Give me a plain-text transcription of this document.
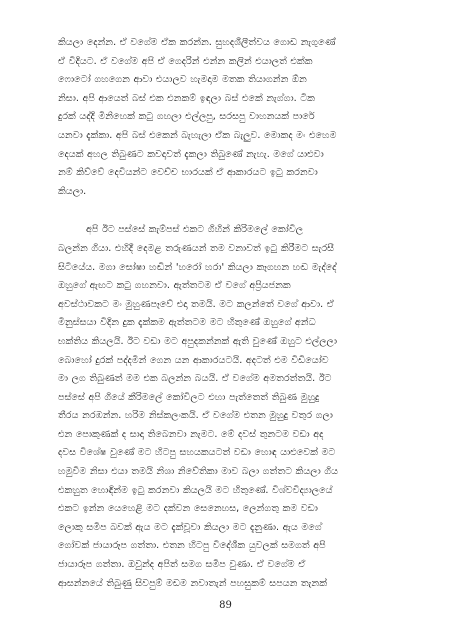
කියලා දෙන්න. ඒ වගේම ඒක කරන්න. සුහදශීලීත්වය ගොඩ නැගුණේ
ඒ විදියට. ඒ වගේම අපි ඒ ගෙදරින් එන්න කලින් එයාලත් එක්ක
ෆොටෝ ගහගෙන ආවා එයාලව හැමදාම මතක තියාගන්න ඕන
නිසා. අපි ආයෙත් බස් එක එනකම් ඉඳලා බස් එකේ නැග්ගා. ටික
දුරක් යද්දි මිනිහෙක් කටු ගහලා එල්ලපු, සරසපු වාහනයක් පාරේ
යනවා දැක්කා. අපි බස් එකෙන් බැහැලා ඒක බැලුව. මොකද මං එහෙම
දෙයක් අහල තිබුණට කවදාවත් දැකලා තිබුණේ නැහැ. මගේ යාළුවා
නම් කිව්වේ දෙවියන්ට වෙච්ච භාරයක් ඒ ආකාරයට ඉටු කරනවා
කියලා.
අපි ඊට පස්සේ කැම්පස් එකට ගිහින් කිරිමලේ කෝවිල
බලන්න ගියා. එහිදී දෙමළ තරුණයන් තම වනාවත් ඉටු කිරීමට සැරසී
සිටියේය. මගා සෝෂා හඬින් 'හරෝ හරා' කියලා කෑගහන හඬ මැද්දේ
ඔහුගේ ඇඟට කටු ගහනවා. ඇත්තටම ඒ වගේ අප්‍රියජනක
අවස්ථාවකට මං මුහුණපෑවේ එදා තමයි. මට කලන්තේ වගේ ආවා. ඒ
මිනුස්සයා විදින දුක දැක්කම ඇත්තටම මට හිතුණේ ඔහුගේ අන්ධ
භක්තිය කියලයි. ඊට වඩා මට අපුදකන්නක් ඇති වුණේ ඔහුට එල්ලලා
බොහෝ දුරක් පද්දමින් ගෙන යන ආකාරයටයි. අදටත් එම විඩියෝව
මා ලග තිබුණත් මම එක බලන්න බයයි. ඒ වගේම අමතරත්තයි. ඊට
පස්සේ අපි ගියේ කීරිමලේ කෝවිලට එහා පැත්තෙත් තිබුණ මුහුදු
තීරය නරඹන්න. හරිම නිස්කලංකයි. ඒ වගේම එතන මුහුදු වතුර ගලා
එන පොකුණක් ද සාදා තිබෙනවා නැමට. මේ දවස් තුනටම වඩා අද
දවස විශේෂ වුණේ මට හිටපු සහයකයටත් වඩා හොඳ යාළුවෙක් මට
හමුවීම නිසා එයා තමයි නිශා නිවේතිකා මාව බලා ගත්තට කියලා ගිය
එකහුත හොඳින්ම ඉටු කරනවා කියලයි මට හිතුණේ. විශ්වවිද්‍යාලයේ
එකට ඉන්න යෙහෙළි මට දක්වන සෙනෙහස, ලෙන්ගතු කම වඩා
ලොකු සමීප බවක් ඇය මට දැක්වූවා කියලා මට දැනුණා. ඇය මගේ
ගෝවක් ජායාරූප ගත්තා. එතන හිටපු විදේශීක යුවලක් සමගත් අපි
ජායාරූප ගත්තා. ඔවුන්ද අපිත් සමග සමීප වුණා. ඒ වගේම ඒ
ආසන්නයේ තිබුණු සිවපුම් මඩම නවාතැන් පහසුකම් සපයන තැනක්
89
